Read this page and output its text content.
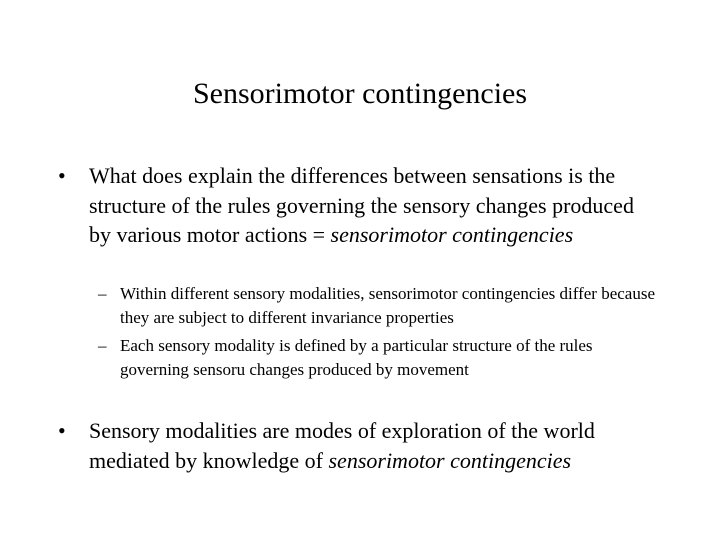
Sensorimotor contingencies
• What does explain the differences between sensations is the structure of the rules governing the sensory changes produced by various motor actions = sensorimotor contingencies
– Within different sensory modalities, sensorimotor contingencies differ because they are subject to different invariance properties
– Each sensory modality is defined by a particular structure of the rules governing sensoru changes produced by movement
• Sensory modalities are modes of exploration of the world mediated by knowledge of sensorimotor contingencies
